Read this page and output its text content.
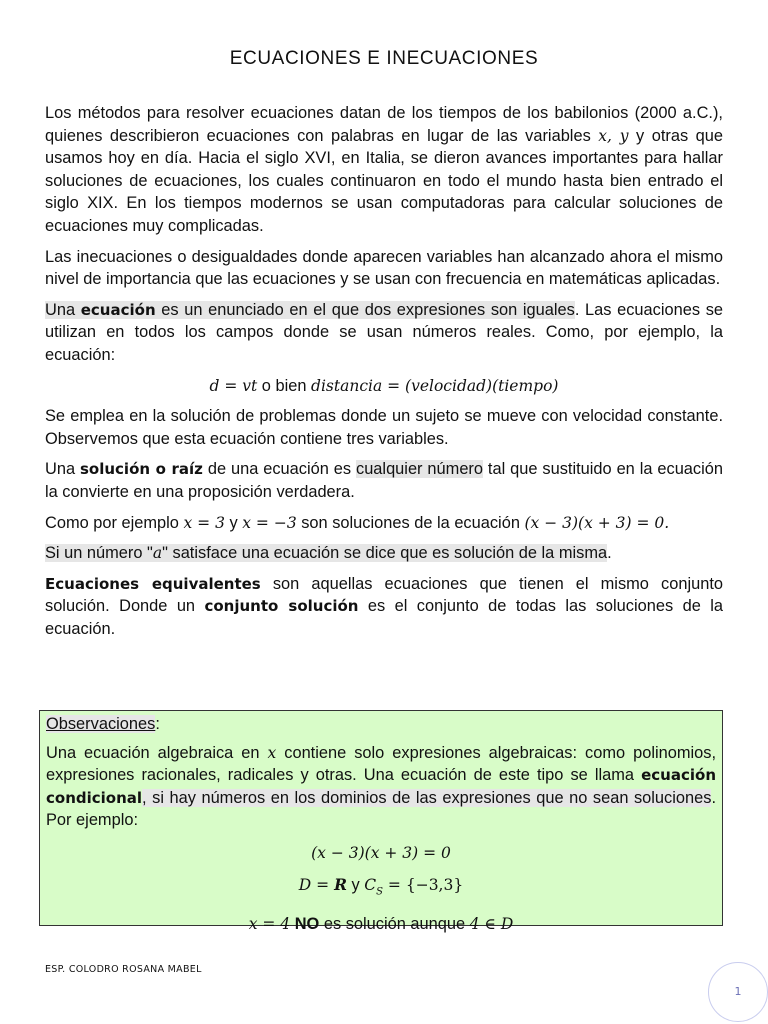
ECUACIONES E INECUACIONES

Los métodos para resolver ecuaciones datan de los tiempos de los babilonios (2000 a.C.), quienes describieron ecuaciones con palabras en lugar de las variables x, y y otras que usamos hoy en día. Hacia el siglo XVI, en Italia, se dieron avances importantes para hallar soluciones de ecuaciones, los cuales continuaron en todo el mundo hasta bien entrado el siglo XIX. En los tiempos modernos se usan computadoras para calcular soluciones de ecuaciones muy complicadas.

Las inecuaciones o desigualdades donde aparecen variables han alcanzado ahora el mismo nivel de importancia que las ecuaciones y se usan con frecuencia en matemáticas aplicadas.

Una ecuación es un enunciado en el que dos expresiones son iguales. Las ecuaciones se utilizan en todos los campos donde se usan números reales. Como, por ejemplo, la ecuación:

d = vt o bien distancia = (velocidad)(tiempo)

Se emplea en la solución de problemas donde un sujeto se mueve con velocidad constante. Observemos que esta ecuación contiene tres variables.

Una solución o raíz de una ecuación es cualquier número tal que sustituido en la ecuación la convierte en una proposición verdadera.

Como por ejemplo x = 3 y x = −3 son soluciones de la ecuación (x − 3)(x + 3) = 0.

Si un número "a" satisface una ecuación se dice que es solución de la misma.

Ecuaciones equivalentes son aquellas ecuaciones que tienen el mismo conjunto solución. Donde un conjunto solución es el conjunto de todas las soluciones de la ecuación.

Observaciones:

Una ecuación algebraica en x contiene solo expresiones algebraicas: como polinomios, expresiones racionales, radicales y otras. Una ecuación de este tipo se llama ecuación condicional, si hay números en los dominios de las expresiones que no sean soluciones. Por ejemplo:

(x − 3)(x + 3) = 0
D = R y $C_S = \{-3,3\}$
x = 4 NO es solución aunque 4 ∈ D
ESP. COLODRO ROSANA MABEL
1
